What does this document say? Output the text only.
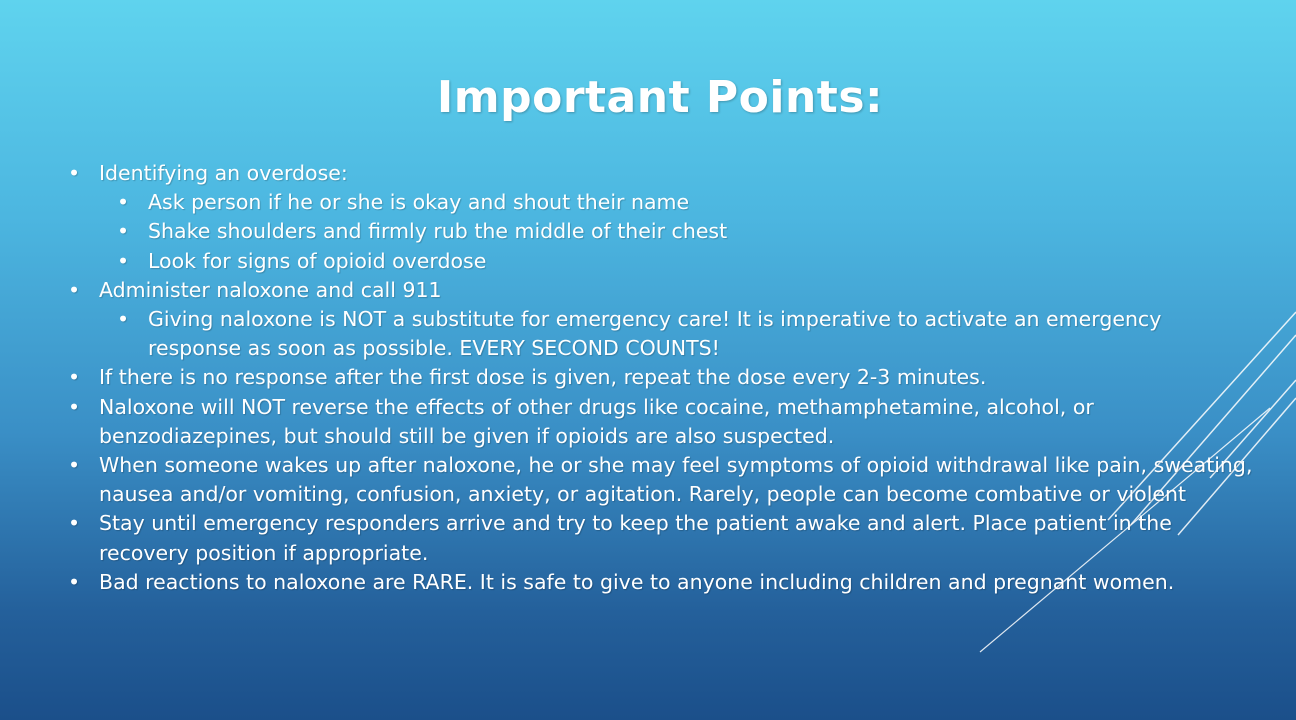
Important Points:
• Identifying an overdose:
• Ask person if he or she is okay and shout their name
• Shake shoulders and firmly rub the middle of their chest
• Look for signs of opioid overdose
• Administer naloxone and call 911
• Giving naloxone is NOT a substitute for emergency care! It is imperative to activate an emergency response as soon as possible. EVERY SECOND COUNTS!
• If there is no response after the first dose is given, repeat the dose every 2-3 minutes.
• Naloxone will NOT reverse the effects of other drugs like cocaine, methamphetamine, alcohol, or benzodiazepines, but should still be given if opioids are also suspected.
• When someone wakes up after naloxone, he or she may feel symptoms of opioid withdrawal like pain, sweating, nausea and/or vomiting, confusion, anxiety, or agitation. Rarely, people can become combative or violent
• Stay until emergency responders arrive and try to keep the patient awake and alert. Place patient in the recovery position if appropriate.
• Bad reactions to naloxone are RARE. It is safe to give to anyone including children and pregnant women.
